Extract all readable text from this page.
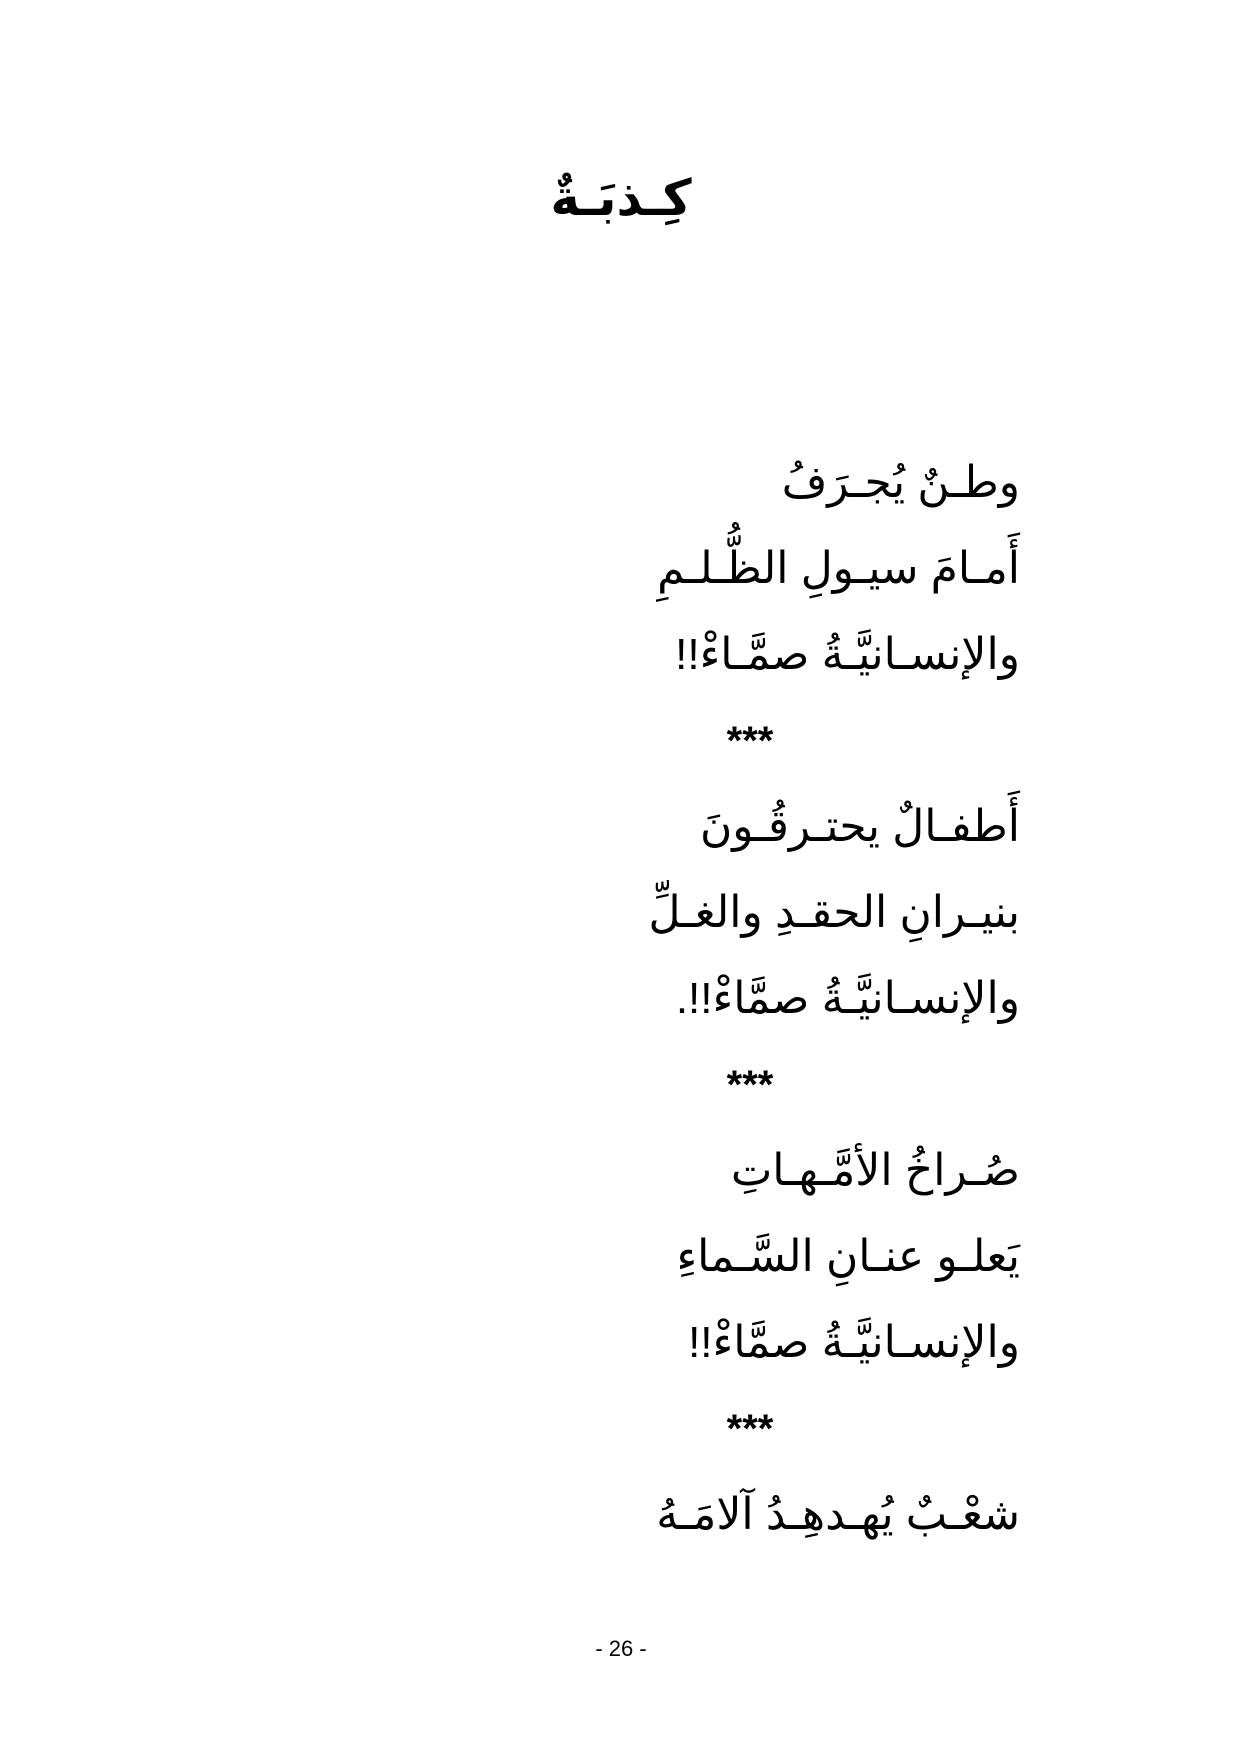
كِـذبَـةٌ
وطـنٌ يُجـرَفُ
أَمـامَ سيـولِ الظُّـلـمِ
والإنسـانيَّـةُ صمَّـاءْ!!
***
أَطفـالٌ يحتـرقُـونَ
بنيـرانِ الحقـدِ والغـلِّ
والإنسـانيَّـةُ صمَّاءْ!!.
***
صُـراخُ الأمَّـهـاتِ
يَعلـو عنـانِ السَّـماءِ
والإنسـانيَّـةُ صمَّاءْ!!
***
شعْـبٌ يُهـدهِـدُ آلامَـهُ
- 26 -
